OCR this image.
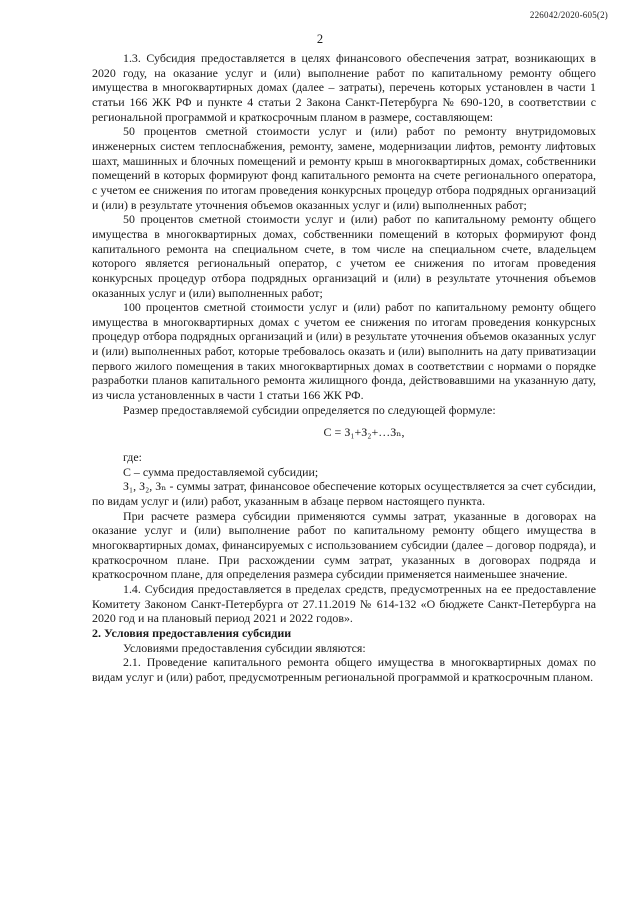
226042/2020-605(2)
2

1.3. Субсидия предоставляется в целях финансового обеспечения затрат, возникающих в 2020 году, на оказание услуг и (или) выполнение работ по капитальному ремонту общего имущества в многоквартирных домах (далее – затраты), перечень которых установлен в части 1 статьи 166 ЖК РФ и пункте 4 статьи 2 Закона Санкт-Петербурга № 690-120, в соответствии с региональной программой и краткосрочным планом в размере, составляющем:

50 процентов сметной стоимости услуг и (или) работ по ремонту внутридомовых инженерных систем теплоснабжения, ремонту, замене, модернизации лифтов, ремонту лифтовых шахт, машинных и блочных помещений и ремонту крыш в многоквартирных домах, собственники помещений в которых формируют фонд капитального ремонта на счете регионального оператора, с учетом ее снижения по итогам проведения конкурсных процедур отбора подрядных организаций и (или) в результате уточнения объемов оказанных услуг и (или) выполненных работ;

50 процентов сметной стоимости услуг и (или) работ по капитальному ремонту общего имущества в многоквартирных домах, собственники помещений в которых формируют фонд капитального ремонта на специальном счете, в том числе на специальном счете, владельцем которого является региональный оператор, с учетом ее снижения по итогам проведения конкурсных процедур отбора подрядных организаций и (или) в результате уточнения объемов оказанных услуг и (или) выполненных работ;

100 процентов сметной стоимости услуг и (или) работ по капитальному ремонту общего имущества в многоквартирных домах с учетом ее снижения по итогам проведения конкурсных процедур отбора подрядных организаций и (или) в результате уточнения объемов оказанных услуг и (или) выполненных работ, которые требовалось оказать и (или) выполнить на дату приватизации первого жилого помещения в таких многоквартирных домах в соответствии с нормами о порядке разработки планов капитального ремонта жилищного фонда, действовавшими на указанную дату, из числа установленных в части 1 статьи 166 ЖК РФ.

Размер предоставляемой субсидии определяется по следующей формуле:

С = З₁+З₂+…Зₙ,

где:

С – сумма предоставляемой субсидии;

З₁, З₂, Зₙ - суммы затрат, финансовое обеспечение которых осуществляется за счет субсидии, по видам услуг и (или) работ, указанным в абзаце первом настоящего пункта.

При расчете размера субсидии применяются суммы затрат, указанные в договорах на оказание услуг и (или) выполнение работ по капитальному ремонту общего имущества в многоквартирных домах, финансируемых с использованием субсидии (далее – договор подряда), и краткосрочном плане. При расхождении сумм затрат, указанных в договорах подряда и краткосрочном плане, для определения размера субсидии применяется наименьшее значение.

1.4. Субсидия предоставляется в пределах средств, предусмотренных на ее предоставление Комитету Законом Санкт-Петербурга от 27.11.2019 № 614-132 «О бюджете Санкт-Петербурга на 2020 год и на плановый период 2021 и 2022 годов».

2. Условия предоставления субсидии

Условиями предоставления субсидии являются:

2.1. Проведение капитального ремонта общего имущества в многоквартирных домах по видам услуг и (или) работ, предусмотренным региональной программой и краткосрочным планом.
